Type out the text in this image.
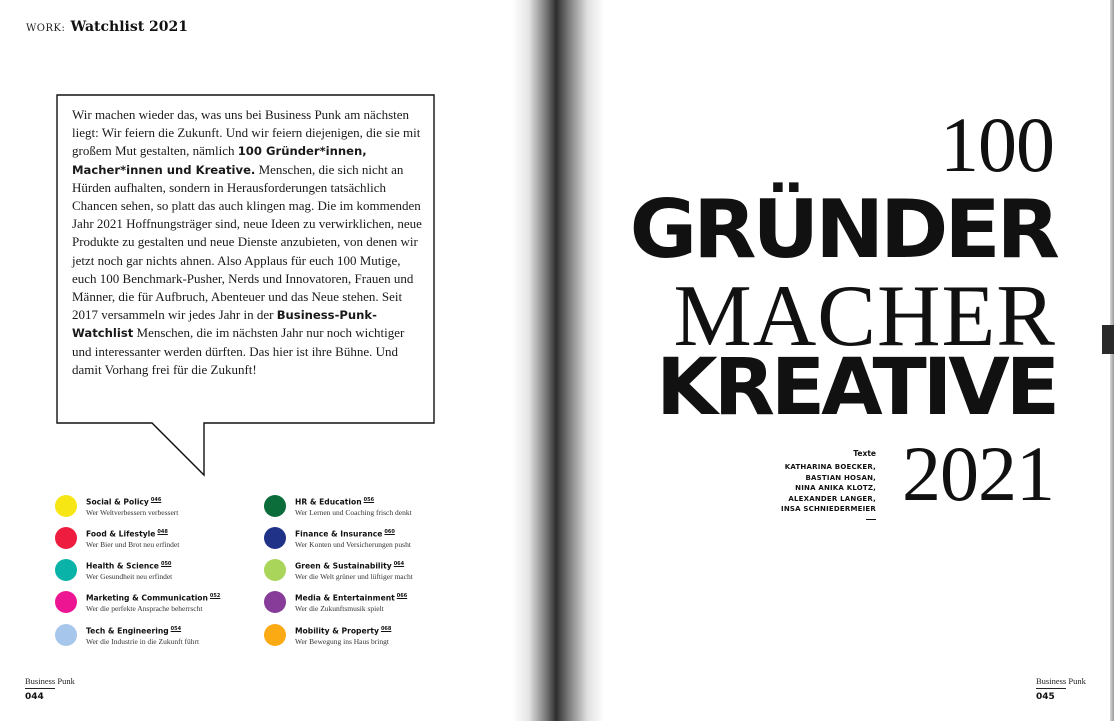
WORK: Watchlist 2021
Wir machen wieder das, was uns bei Business Punk am nächsten liegt: Wir feiern die Zukunft. Und wir feiern diejenigen, die sie mit großem Mut gestalten, nämlich 100 Gründer*innen, Macher*innen und Kreative. Menschen, die sich nicht an Hürden aufhalten, sondern in Herausforderungen tatsächlich Chancen sehen, so platt das auch klingen mag. Die im kommenden Jahr 2021 Hoffnungsträger sind, neue Ideen zu verwirklichen, neue Produkte zu gestalten und neue Dienste anzubieten, von denen wir jetzt noch gar nichts ahnen. Also Applaus für euch 100 Mutige, euch 100 Benchmark-Pusher, Nerds und Innovatoren, Frauen und Männer, die für Aufbruch, Abenteuer und das Neue stehen. Seit 2017 versammeln wir jedes Jahr in der Business-Punk-Watchlist Menschen, die im nächsten Jahr nur noch wichtiger und interessanter werden dürften. Das hier ist ihre Bühne. Und damit Vorhang frei für die Zukunft!
Social & Policy $^{046}$
Wer Weltverbessern verbessert
Food & Lifestyle $^{048}$
Wer Bier und Brot neu erfindet
Health & Science $^{050}$
Wer Gesundheit neu erfindet
Marketing & Communication $^{052}$
Wer die perfekte Ansprache beherrscht
Tech & Engineering $^{054}$
Wer die Industrie in die Zukunft führt
HR & Education $^{056}$
Wer Lernen und Coaching frisch denkt
Finance & Insurance $^{060}$
Wer Konten und Versicherungen pusht
Green & Sustainability $^{064}$
Wer die Welt grüner und lüftiger macht
Media & Entertainment $^{066}$
Wer die Zukunftsmusik spielt
Mobility & Property $^{068}$
Wer Bewegung ins Haus bringt
Business Punk
044
100
GRÜNDER
MACHER
KREATIVE
2021
Texte
KATHARINA BOECKER,
BASTIAN HOSAN,
NINA ANIKA KLOTZ,
ALEXANDER LANGER,
INSA SCHNIEDERMEIER
Business Punk
045
